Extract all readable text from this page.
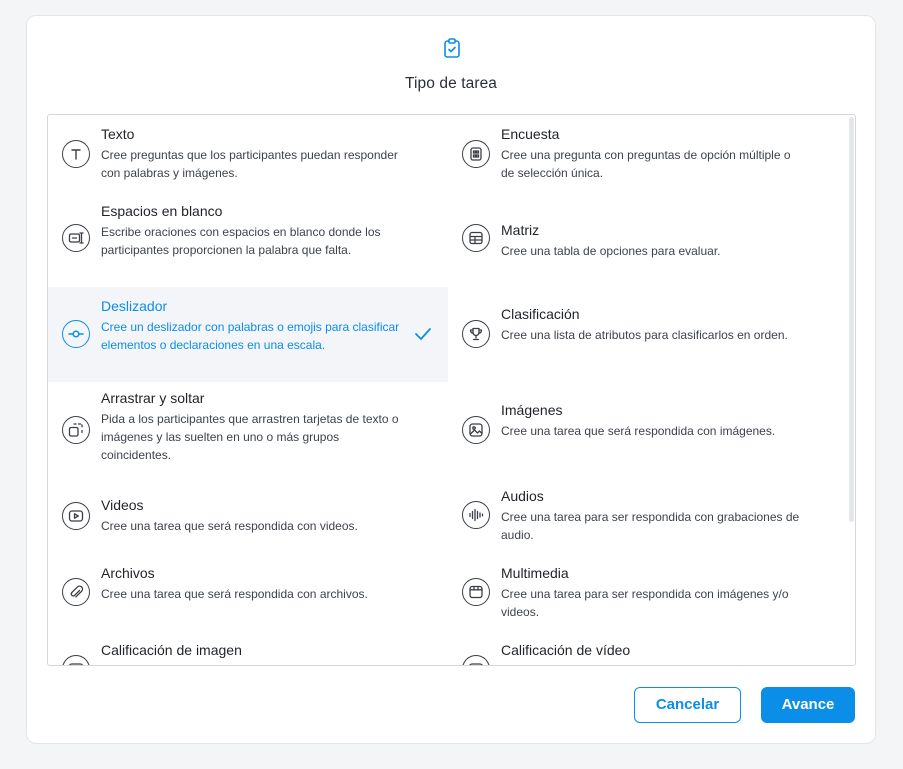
Tipo de tarea
Texto
Cree preguntas que los participantes puedan responder con palabras y imágenes.
Espacios en blanco
Escribe oraciones con espacios en blanco donde los participantes proporcionen la palabra que falta.
Deslizador
Cree un deslizador con palabras o emojis para clasificar elementos o declaraciones en una escala.
Arrastrar y soltar
Pida a los participantes que arrastren tarjetas de texto o imágenes y las suelten en uno o más grupos coincidentes.
Videos
Cree una tarea que será respondida con videos.
Archivos
Cree una tarea que será respondida con archivos.
Calificación de imagen
Encuesta
Cree una pregunta con preguntas de opción múltiple o de selección única.
Matriz
Cree una tabla de opciones para evaluar.
Clasificación
Cree una lista de atributos para clasificarlos en orden.
Imágenes
Cree una tarea que será respondida con imágenes.
Audios
Cree una tarea para ser respondida con grabaciones de audio.
Multimedia
Cree una tarea para ser respondida con imágenes y/o videos.
Calificación de vídeo
Cancelar	Avance
